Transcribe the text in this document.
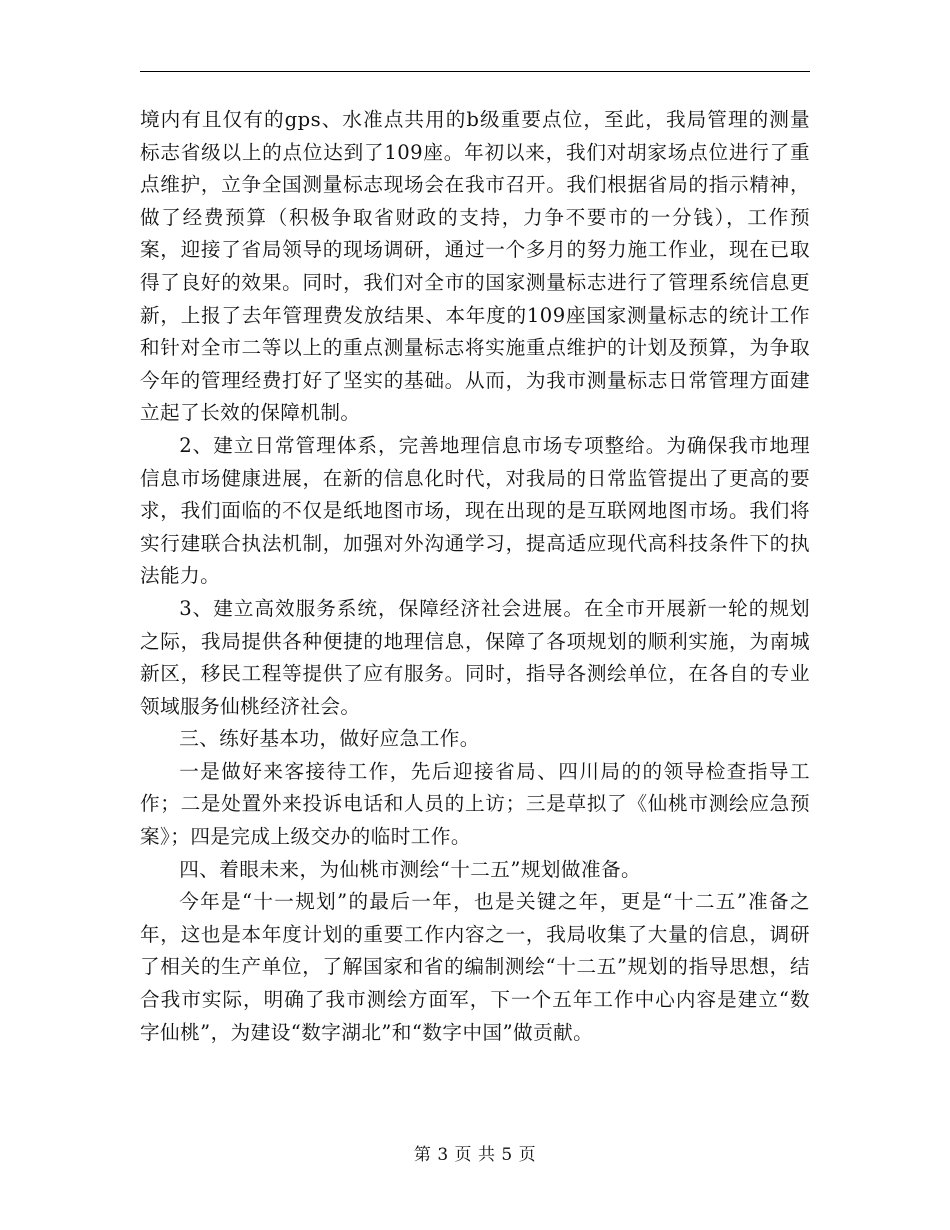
境内有且仅有的gps、水准点共用的b级重要点位，至此，我局管理的测量标志省级以上的点位达到了109座。年初以来，我们对胡家场点位进行了重点维护，立争全国测量标志现场会在我市召开。我们根据省局的指示精神，做了经费预算（积极争取省财政的支持，力争不要市的一分钱），工作预案，迎接了省局领导的现场调研，通过一个多月的努力施工作业，现在已取得了良好的效果。同时，我们对全市的国家测量标志进行了管理系统信息更新，上报了去年管理费发放结果、本年度的109座国家测量标志的统计工作和针对全市二等以上的重点测量标志将实施重点维护的计划及预算，为争取今年的管理经费打好了坚实的基础。从而，为我市测量标志日常管理方面建立起了长效的保障机制。

2、建立日常管理体系，完善地理信息市场专项整给。为确保我市地理信息市场健康进展，在新的信息化时代，对我局的日常监管提出了更高的要求，我们面临的不仅是纸地图市场，现在出现的是互联网地图市场。我们将实行建联合执法机制，加强对外沟通学习，提高适应现代高科技条件下的执法能力。

3、建立高效服务系统，保障经济社会进展。在全市开展新一轮的规划之际，我局提供各种便捷的地理信息，保障了各项规划的顺利实施，为南城新区，移民工程等提供了应有服务。同时，指导各测绘单位，在各自的专业领域服务仙桃经济社会。

三、练好基本功，做好应急工作。

一是做好来客接待工作，先后迎接省局、四川局的的领导检查指导工作；二是处置外来投诉电话和人员的上访；三是草拟了《仙桃市测绘应急预案》；四是完成上级交办的临时工作。

四、着眼未来，为仙桃市测绘“十二五”规划做准备。

今年是“十一规划”的最后一年，也是关键之年，更是“十二五”准备之年，这也是本年度计划的重要工作内容之一，我局收集了大量的信息，调研了相关的生产单位，了解国家和省的编制测绘“十二五”规划的指导思想，结合我市实际，明确了我市测绘方面军，下一个五年工作中心内容是建立“数字仙桃”，为建设“数字湖北”和“数字中国”做贡献。

第 3 页 共 5 页
